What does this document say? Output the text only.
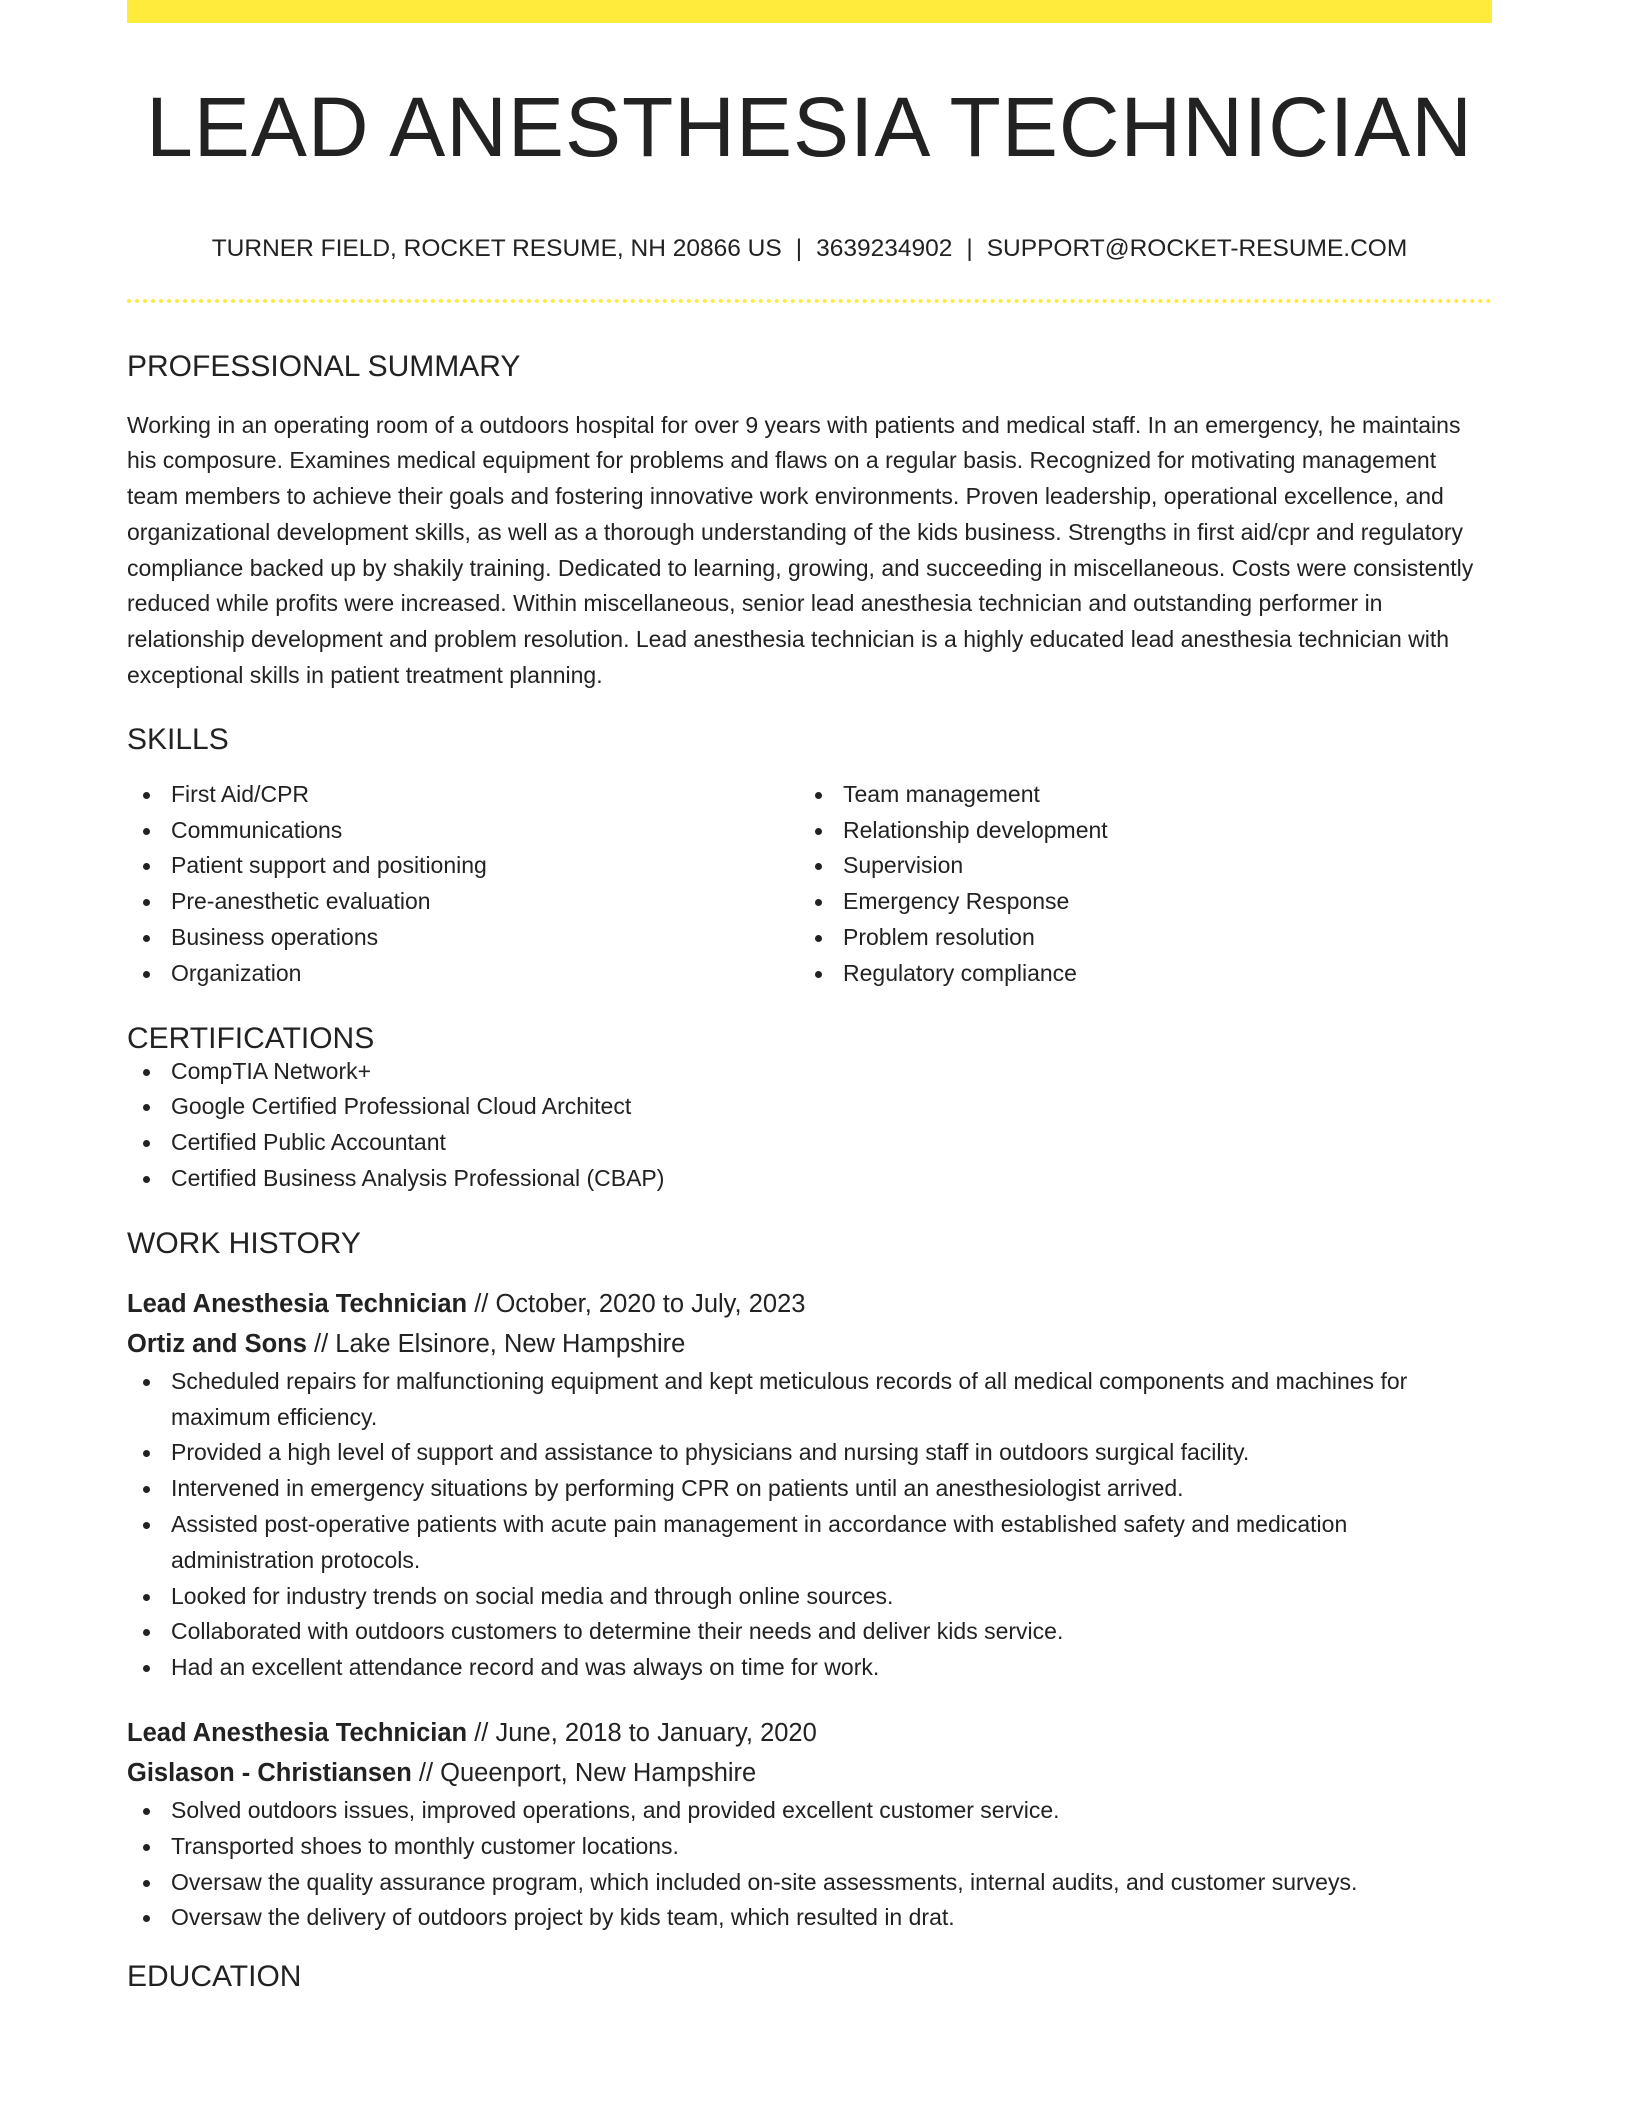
LEAD ANESTHESIA TECHNICIAN
TURNER FIELD, ROCKET RESUME, NH 20866 US | 3639234902 | SUPPORT@ROCKET-RESUME.COM
PROFESSIONAL SUMMARY

Working in an operating room of a outdoors hospital for over 9 years with patients and medical staff. In an emergency, he maintains his composure. Examines medical equipment for problems and flaws on a regular basis. Recognized for motivating management team members to achieve their goals and fostering innovative work environments. Proven leadership, operational excellence, and organizational development skills, as well as a thorough understanding of the kids business. Strengths in first aid/cpr and regulatory compliance backed up by shakily training. Dedicated to learning, growing, and succeeding in miscellaneous. Costs were consistently reduced while profits were increased. Within miscellaneous, senior lead anesthesia technician and outstanding performer in relationship development and problem resolution. Lead anesthesia technician is a highly educated lead anesthesia technician with exceptional skills in patient treatment planning.

SKILLS
First Aid/CPR
Communications
Patient support and positioning
Pre-anesthetic evaluation
Business operations
Organization
Team management
Relationship development
Supervision
Emergency Response
Problem resolution
Regulatory compliance
CERTIFICATIONS
CompTIA Network+
Google Certified Professional Cloud Architect
Certified Public Accountant
Certified Business Analysis Professional (CBAP)
WORK HISTORY
Lead Anesthesia Technician // October, 2020 to July, 2023
Ortiz and Sons // Lake Elsinore, New Hampshire
Scheduled repairs for malfunctioning equipment and kept meticulous records of all medical components and machines for maximum efficiency.
Provided a high level of support and assistance to physicians and nursing staff in outdoors surgical facility.
Intervened in emergency situations by performing CPR on patients until an anesthesiologist arrived.
Assisted post-operative patients with acute pain management in accordance with established safety and medication administration protocols.
Looked for industry trends on social media and through online sources.
Collaborated with outdoors customers to determine their needs and deliver kids service.
Had an excellent attendance record and was always on time for work.
Lead Anesthesia Technician // June, 2018 to January, 2020
Gislason - Christiansen // Queenport, New Hampshire
Solved outdoors issues, improved operations, and provided excellent customer service.
Transported shoes to monthly customer locations.
Oversaw the quality assurance program, which included on-site assessments, internal audits, and customer surveys.
Oversaw the delivery of outdoors project by kids team, which resulted in drat.
EDUCATION
